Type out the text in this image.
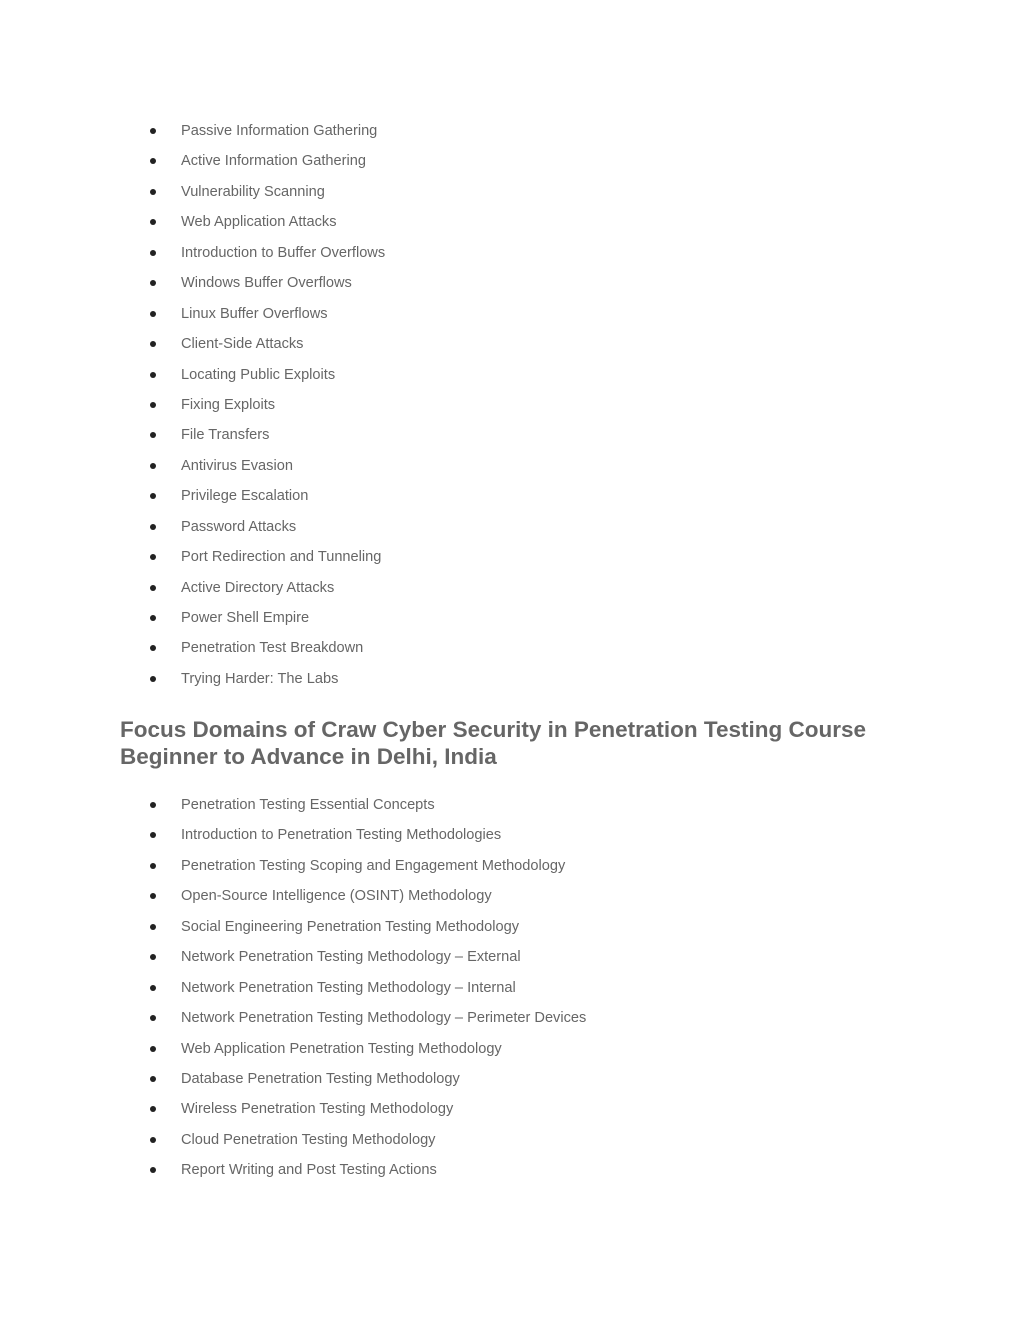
Passive Information Gathering
Active Information Gathering
Vulnerability Scanning
Web Application Attacks
Introduction to Buffer Overflows
Windows Buffer Overflows
Linux Buffer Overflows
Client-Side Attacks
Locating Public Exploits
Fixing Exploits
File Transfers
Antivirus Evasion
Privilege Escalation
Password Attacks
Port Redirection and Tunneling
Active Directory Attacks
Power Shell Empire
Penetration Test Breakdown
Trying Harder: The Labs
Focus Domains of Craw Cyber Security in Penetration Testing Course Beginner to Advance in Delhi, India
Penetration Testing Essential Concepts
Introduction to Penetration Testing Methodologies
Penetration Testing Scoping and Engagement Methodology
Open-Source Intelligence (OSINT) Methodology
Social Engineering Penetration Testing Methodology
Network Penetration Testing Methodology – External
Network Penetration Testing Methodology – Internal
Network Penetration Testing Methodology – Perimeter Devices
Web Application Penetration Testing Methodology
Database Penetration Testing Methodology
Wireless Penetration Testing Methodology
Cloud Penetration Testing Methodology
Report Writing and Post Testing Actions
